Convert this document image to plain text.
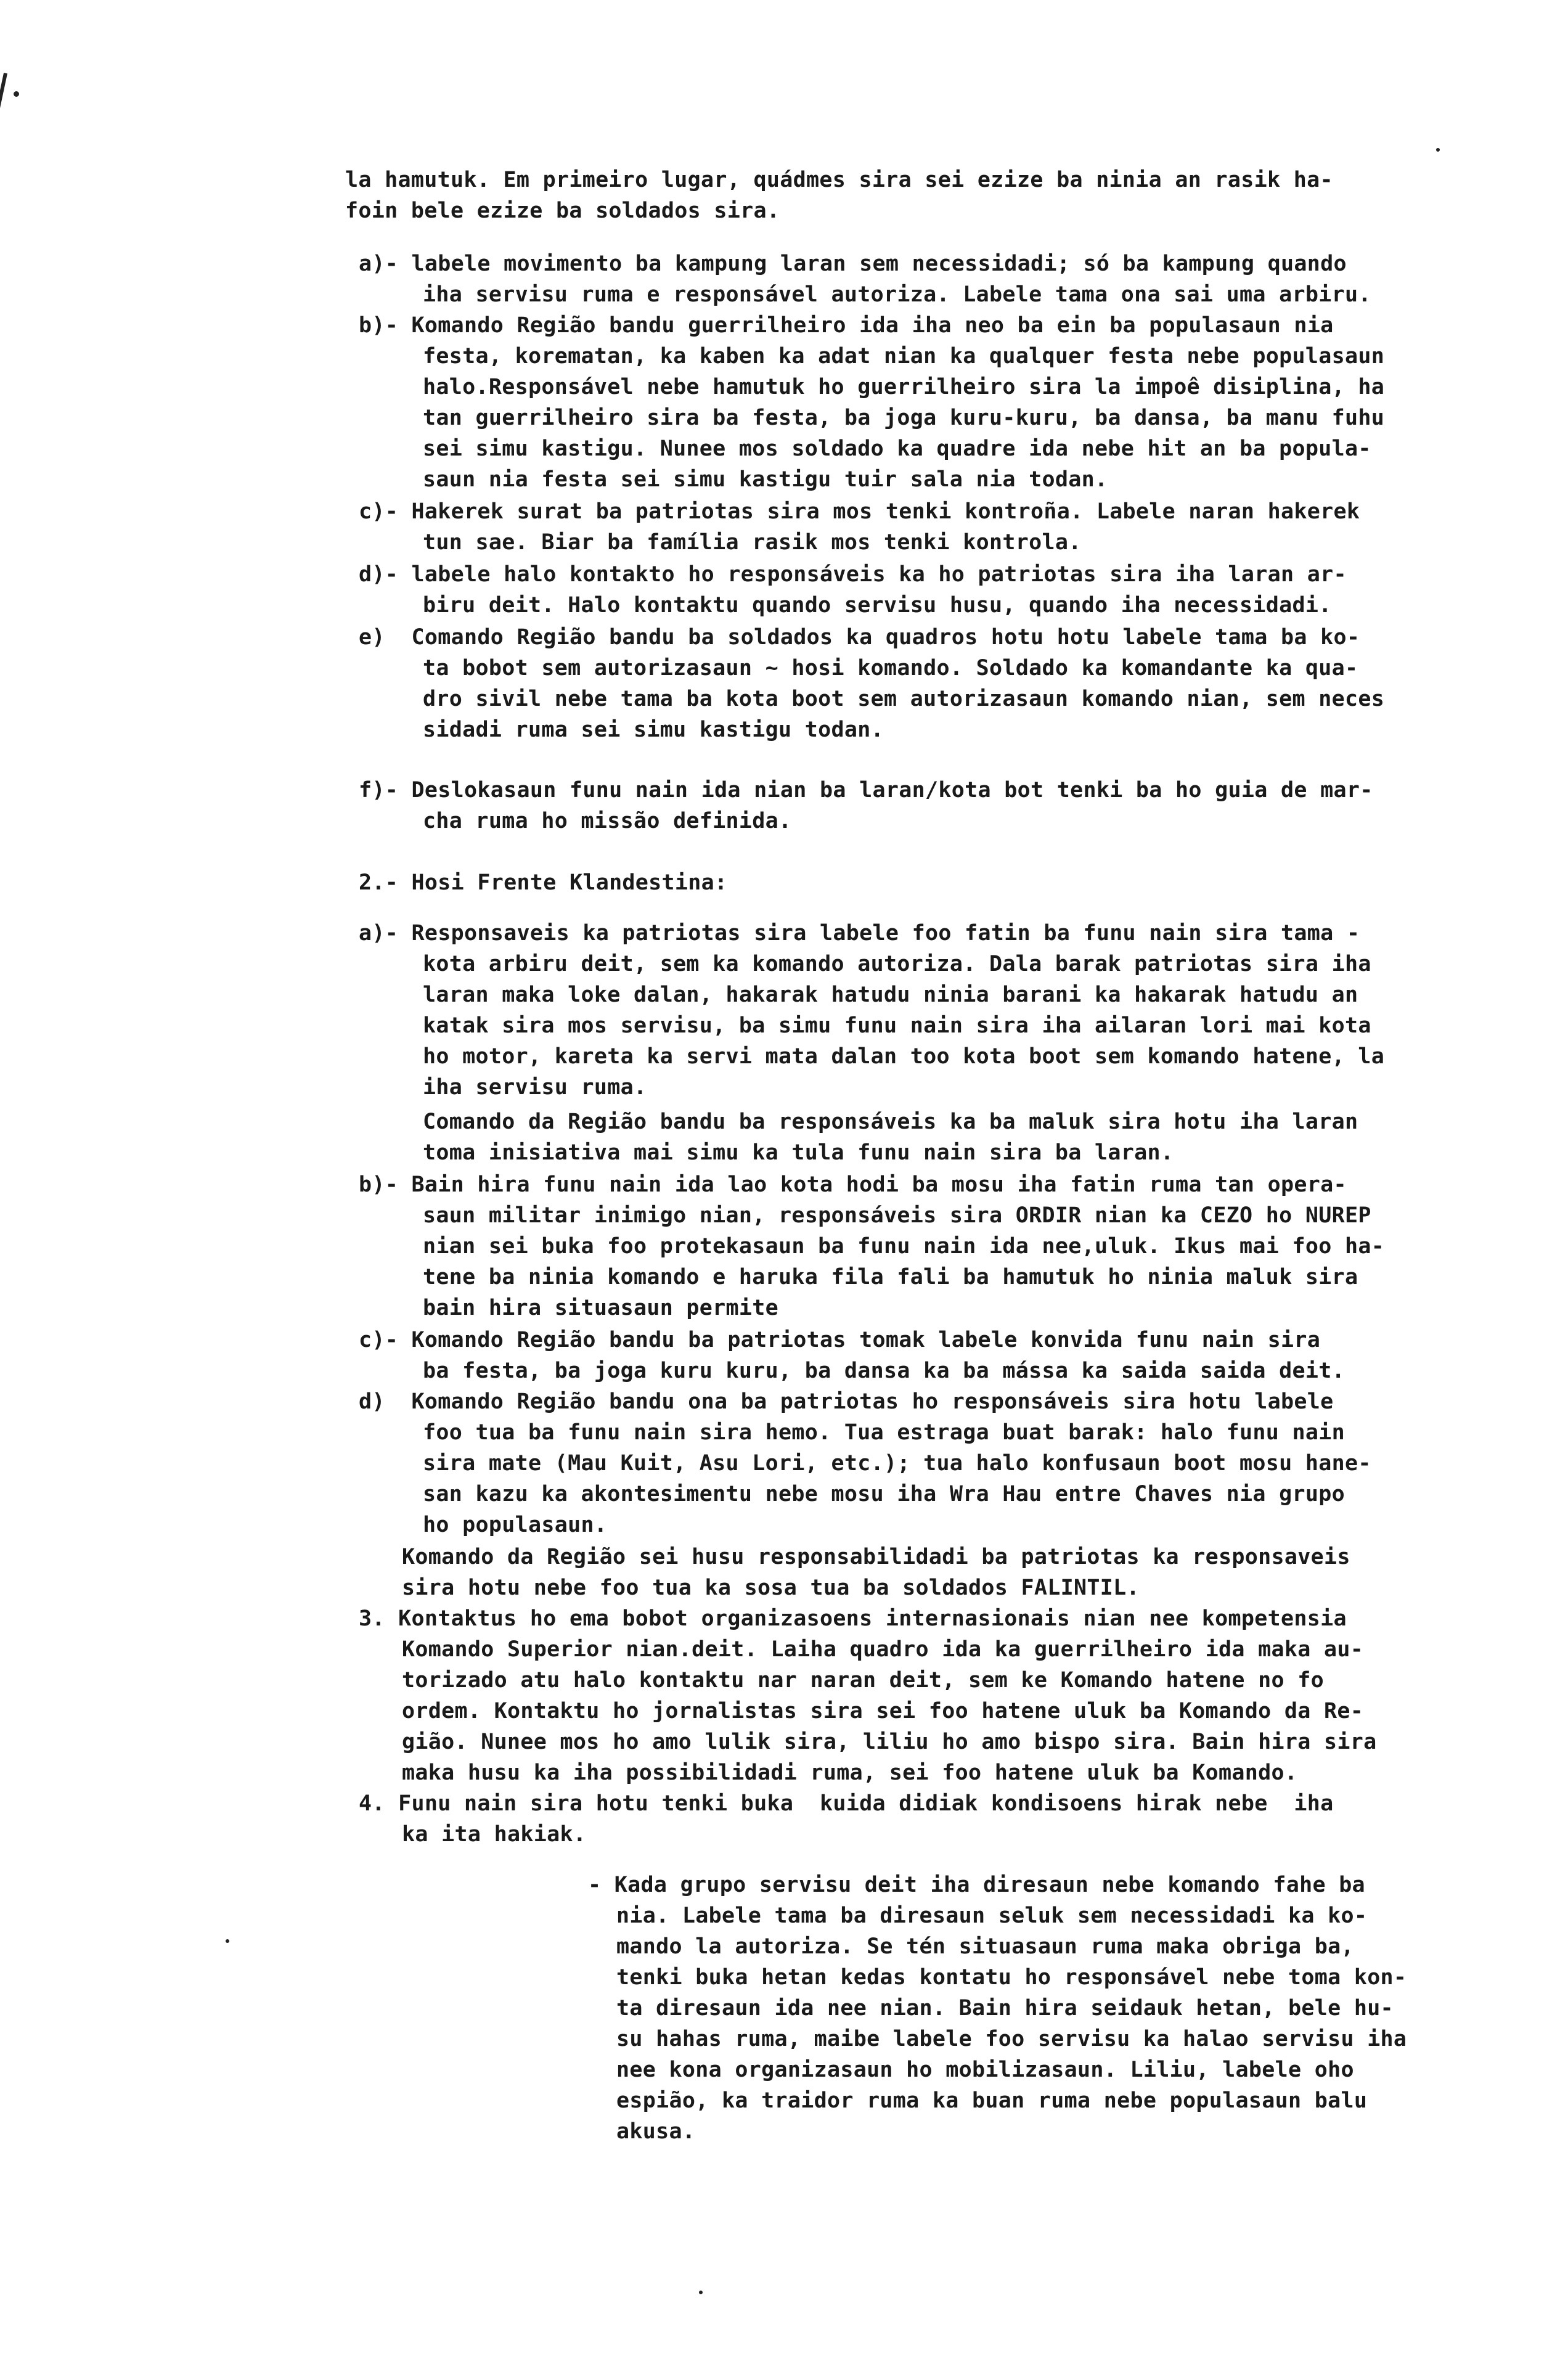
la hamutuk. Em primeiro lugar, quádmes sira sei ezize ba ninia an rasik ha-
foin bele ezize ba soldados sira.
a)- labele movimento ba kampung laran sem necessidadi; só ba kampung quando
iha servisu ruma e responsável autoriza. Labele tama ona sai uma arbiru.
b)- Komando Região bandu guerrilheiro ida iha neo ba ein ba populasaun nia
festa, korematan, ka kaben ka adat nian ka qualquer festa nebe populasaun
halo.Responsável nebe hamutuk ho guerrilheiro sira la impoê disiplina, ha
tan guerrilheiro sira ba festa, ba joga kuru-kuru, ba dansa, ba manu fuhu
sei simu kastigu. Nunee mos soldado ka quadre ida nebe hit an ba popula-
saun nia festa sei simu kastigu tuir sala nia todan.
c)- Hakerek surat ba patriotas sira mos tenki kontroña. Labele naran hakerek
tun sae. Biar ba família rasik mos tenki kontrola.
d)- labele halo kontakto ho responsáveis ka ho patriotas sira iha laran ar-
biru deit. Halo kontaktu quando servisu husu, quando iha necessidadi.
e)  Comando Região bandu ba soldados ka quadros hotu hotu labele tama ba ko-
ta bobot sem autorizasaun ~ hosi komando. Soldado ka komandante ka qua-
dro sivil nebe tama ba kota boot sem autorizasaun komando nian, sem neces
sidadi ruma sei simu kastigu todan.
f)- Deslokasaun funu nain ida nian ba laran/kota bot tenki ba ho guia de mar-
cha ruma ho missão definida.
2.- Hosi Frente Klandestina:
a)- Responsaveis ka patriotas sira labele foo fatin ba funu nain sira tama -
kota arbiru deit, sem ka komando autoriza. Dala barak patriotas sira iha
laran maka loke dalan, hakarak hatudu ninia barani ka hakarak hatudu an
katak sira mos servisu, ba simu funu nain sira iha ailaran lori mai kota
ho motor, kareta ka servi mata dalan too kota boot sem komando hatene, la
iha servisu ruma.
Comando da Região bandu ba responsáveis ka ba maluk sira hotu iha laran
toma inisiativa mai simu ka tula funu nain sira ba laran.
b)- Bain hira funu nain ida lao kota hodi ba mosu iha fatin ruma tan opera-
saun militar inimigo nian, responsáveis sira ORDIR nian ka CEZO ho NUREP
nian sei buka foo protekasaun ba funu nain ida nee,uluk. Ikus mai foo ha-
tene ba ninia komando e haruka fila fali ba hamutuk ho ninia maluk sira
bain hira situasaun permite
c)- Komando Região bandu ba patriotas tomak labele konvida funu nain sira
ba festa, ba joga kuru kuru, ba dansa ka ba mássa ka saida saida deit.
d)  Komando Região bandu ona ba patriotas ho responsáveis sira hotu labele
foo tua ba funu nain sira hemo. Tua estraga buat barak: halo funu nain
sira mate (Mau Kuit, Asu Lori, etc.); tua halo konfusaun boot mosu hane-
san kazu ka akontesimentu nebe mosu iha Wra Hau entre Chaves nia grupo
ho populasaun.
Komando da Região sei husu responsabilidadi ba patriotas ka responsaveis
sira hotu nebe foo tua ka sosa tua ba soldados FALINTIL.
3. Kontaktus ho ema bobot organizasoens internasionais nian nee kompetensia
Komando Superior nian.deit. Laiha quadro ida ka guerrilheiro ida maka au-
torizado atu halo kontaktu nar naran deit, sem ke Komando hatene no fo
ordem. Kontaktu ho jornalistas sira sei foo hatene uluk ba Komando da Re-
gião. Nunee mos ho amo lulik sira, liliu ho amo bispo sira. Bain hira sira
maka husu ka iha possibilidadi ruma, sei foo hatene uluk ba Komando.
4. Funu nain sira hotu tenki buka  kuida didiak kondisoens hirak nebe  iha
ka ita hakiak.
- Kada grupo servisu deit iha diresaun nebe komando fahe ba
nia. Labele tama ba diresaun seluk sem necessidadi ka ko-
mando la autoriza. Se tén situasaun ruma maka obriga ba,
tenki buka hetan kedas kontatu ho responsável nebe toma kon-
ta diresaun ida nee nian. Bain hira seidauk hetan, bele hu-
su hahas ruma, maibe labele foo servisu ka halao servisu iha
nee kona organizasaun ho mobilizasaun. Liliu, labele oho
espião, ka traidor ruma ka buan ruma nebe populasaun balu
akusa.
